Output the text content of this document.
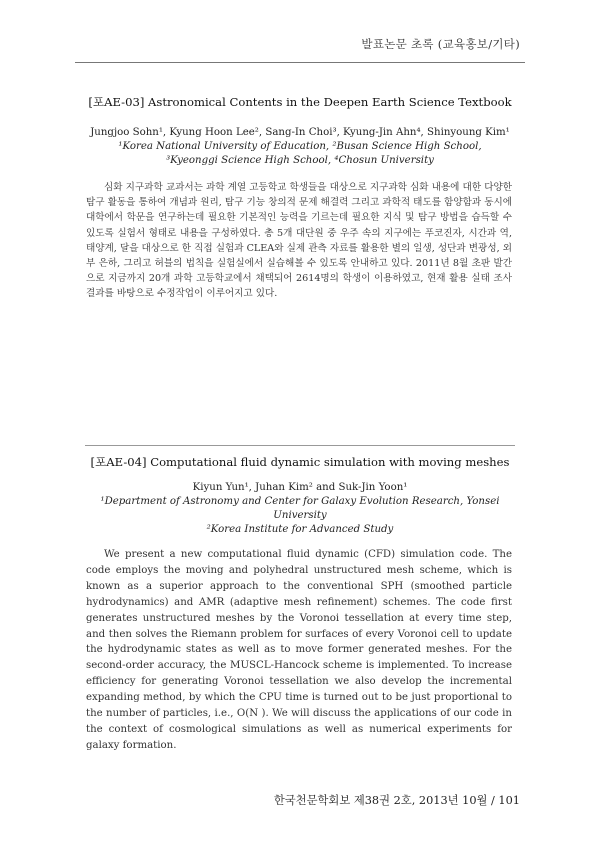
발표논문 초록 (교육홍보/기타)
[포AE-03] Astronomical Contents in the Deepen Earth Science Textbook
Jungjoo Sohn¹, Kyung Hoon Lee², Sang-In Choi³, Kyung-Jin Ahn⁴, Shinyoung Kim¹
¹Korea National University of Education, ²Busan Science High School,
³Kyeonggi Science High School, ⁴Chosun University
심화 지구과학 교과서는 과학 계열 고등학교 학생들을 대상으로 지구과학 심화 내용에 대한 다양한 탐구 활동을 통하여 개념과 원리, 탐구 기능 창의적 문제 해결력 그리고 과학적 태도를 함양함과 동시에 대학에서 학문을 연구하는데 필요한 기본적인 능력을 기르는데 필요한 지식 및 탐구 방법을 습득할 수 있도록 실험서 형태로 내용을 구성하였다. 총 5개 대단원 중 우주 속의 지구에는 푸코진자, 시간과 역, 태양계, 달을 대상으로 한 직접 실험과 CLEA와 실제 관측 자료를 활용한 별의 일생, 성단과 변광성, 외부 은하, 그리고 허블의 법칙을 실험실에서 실습해볼 수 있도록 안내하고 있다. 2011년 8월 초판 발간으로 지금까지 20개 과학 고등학교에서 채택되어 2614명의 학생이 이용하였고, 현재 활용 실태 조사 결과를 바탕으로 수정작업이 이루어지고 있다.
[포AE-04] Computational fluid dynamic simulation with moving meshes
Kiyun Yun¹, Juhan Kim² and Suk-Jin Yoon¹
¹Department of Astronomy and Center for Galaxy Evolution Research, Yonsei
University
²Korea Institute for Advanced Study
We present a new computational fluid dynamic (CFD) simulation code. The code employs the moving and polyhedral unstructured mesh scheme, which is known as a superior approach to the conventional SPH (smoothed particle hydrodynamics) and AMR (adaptive mesh refinement) schemes. The code first generates unstructured meshes by the Voronoi tessellation at every time step, and then solves the Riemann problem for surfaces of every Voronoi cell to update the hydrodynamic states as well as to move former generated meshes. For the second-order accuracy, the MUSCL-Hancock scheme is implemented. To increase efficiency for generating Voronoi tessellation we also develop the incremental expanding method, by which the CPU time is turned out to be just proportional to the number of particles, i.e., O(N ). We will discuss the applications of our code in the context of cosmological simulations as well as numerical experiments for galaxy formation.
한국천문학회보 제38권 2호, 2013년 10월 / 101
